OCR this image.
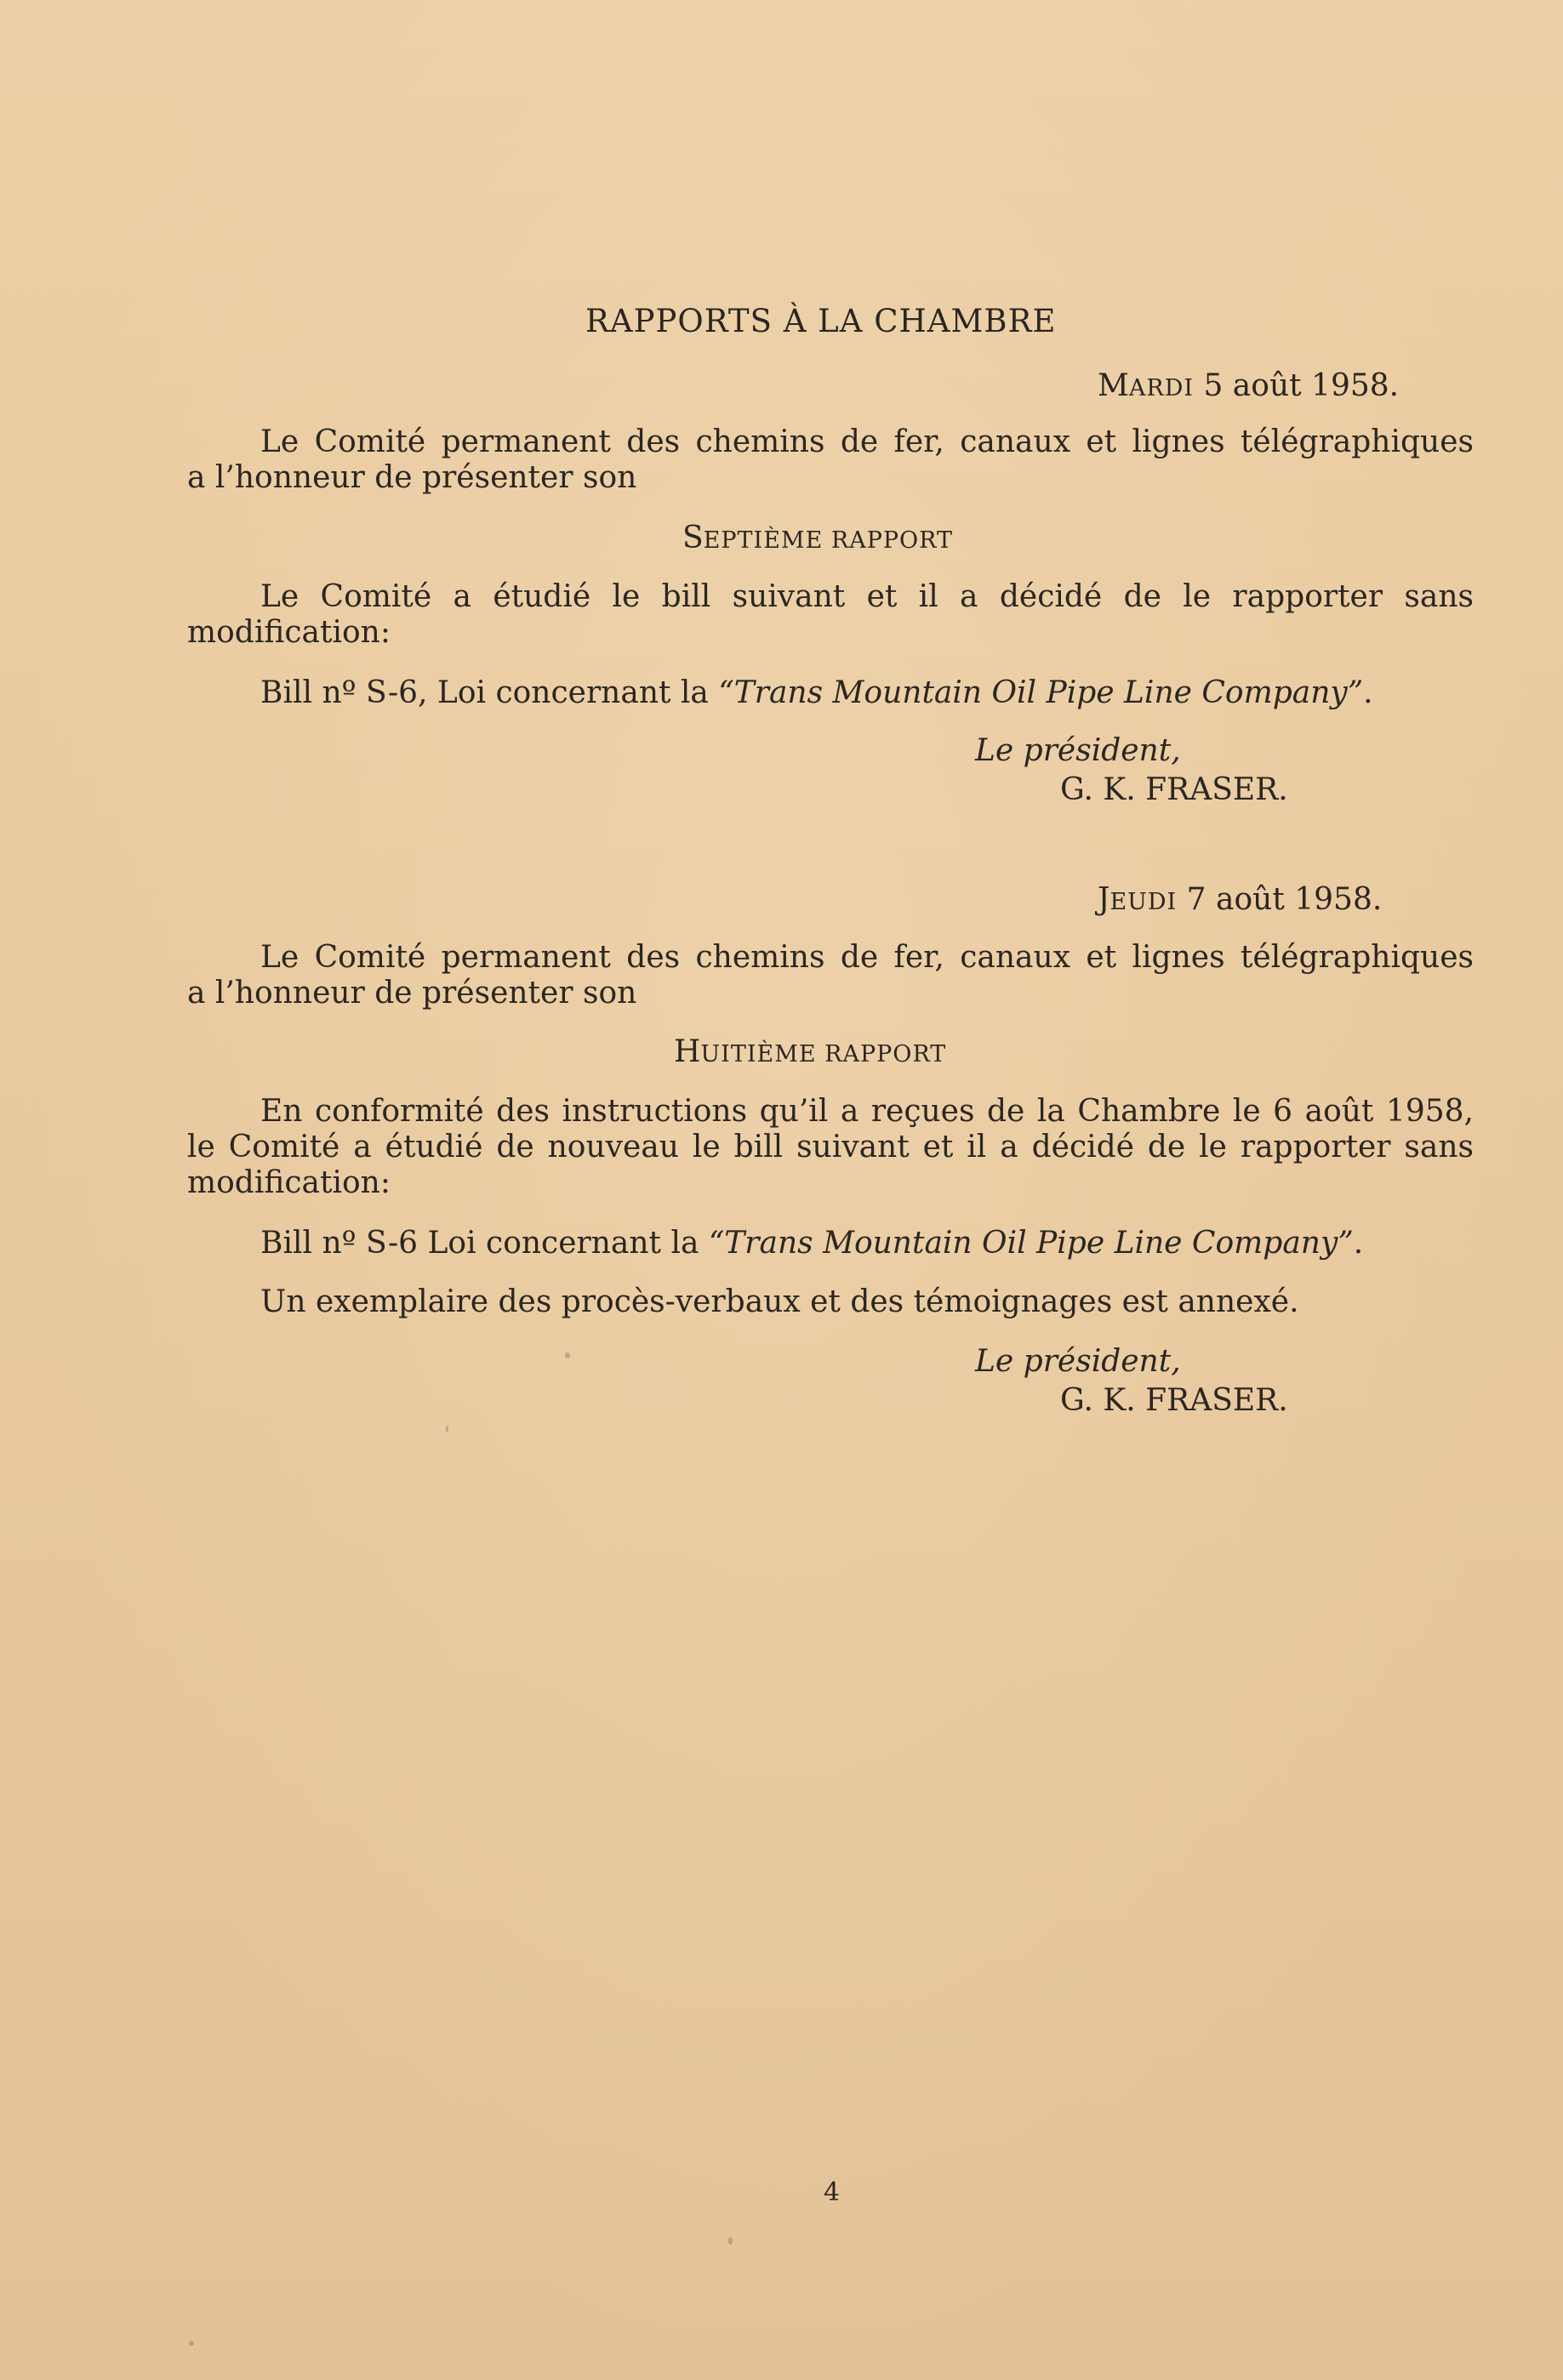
RAPPORTS À LA CHAMBRE

MARDI 5 août 1958.

Le Comité permanent des chemins de fer, canaux et lignes télégraphiques

a l’honneur de présenter son

SEPTIÈME RAPPORT

Le Comité a étudié le bill suivant et il a décidé de le rapporter sans

modification:

Bill nº S-6, Loi concernant la “Trans Mountain Oil Pipe Line Company”.

Le président,

G. K. FRASER.

JEUDI 7 août 1958.

Le Comité permanent des chemins de fer, canaux et lignes télégraphiques

a l’honneur de présenter son

HUITIÈME RAPPORT

En conformité des instructions qu’il a reçues de la Chambre le 6 août 1958,

le Comité a étudié de nouveau le bill suivant et il a décidé de le rapporter sans

modification:

Bill nº S-6 Loi concernant la “Trans Mountain Oil Pipe Line Company”.

Un exemplaire des procès-verbaux et des témoignages est annexé.

Le président,

G. K. FRASER.

4
